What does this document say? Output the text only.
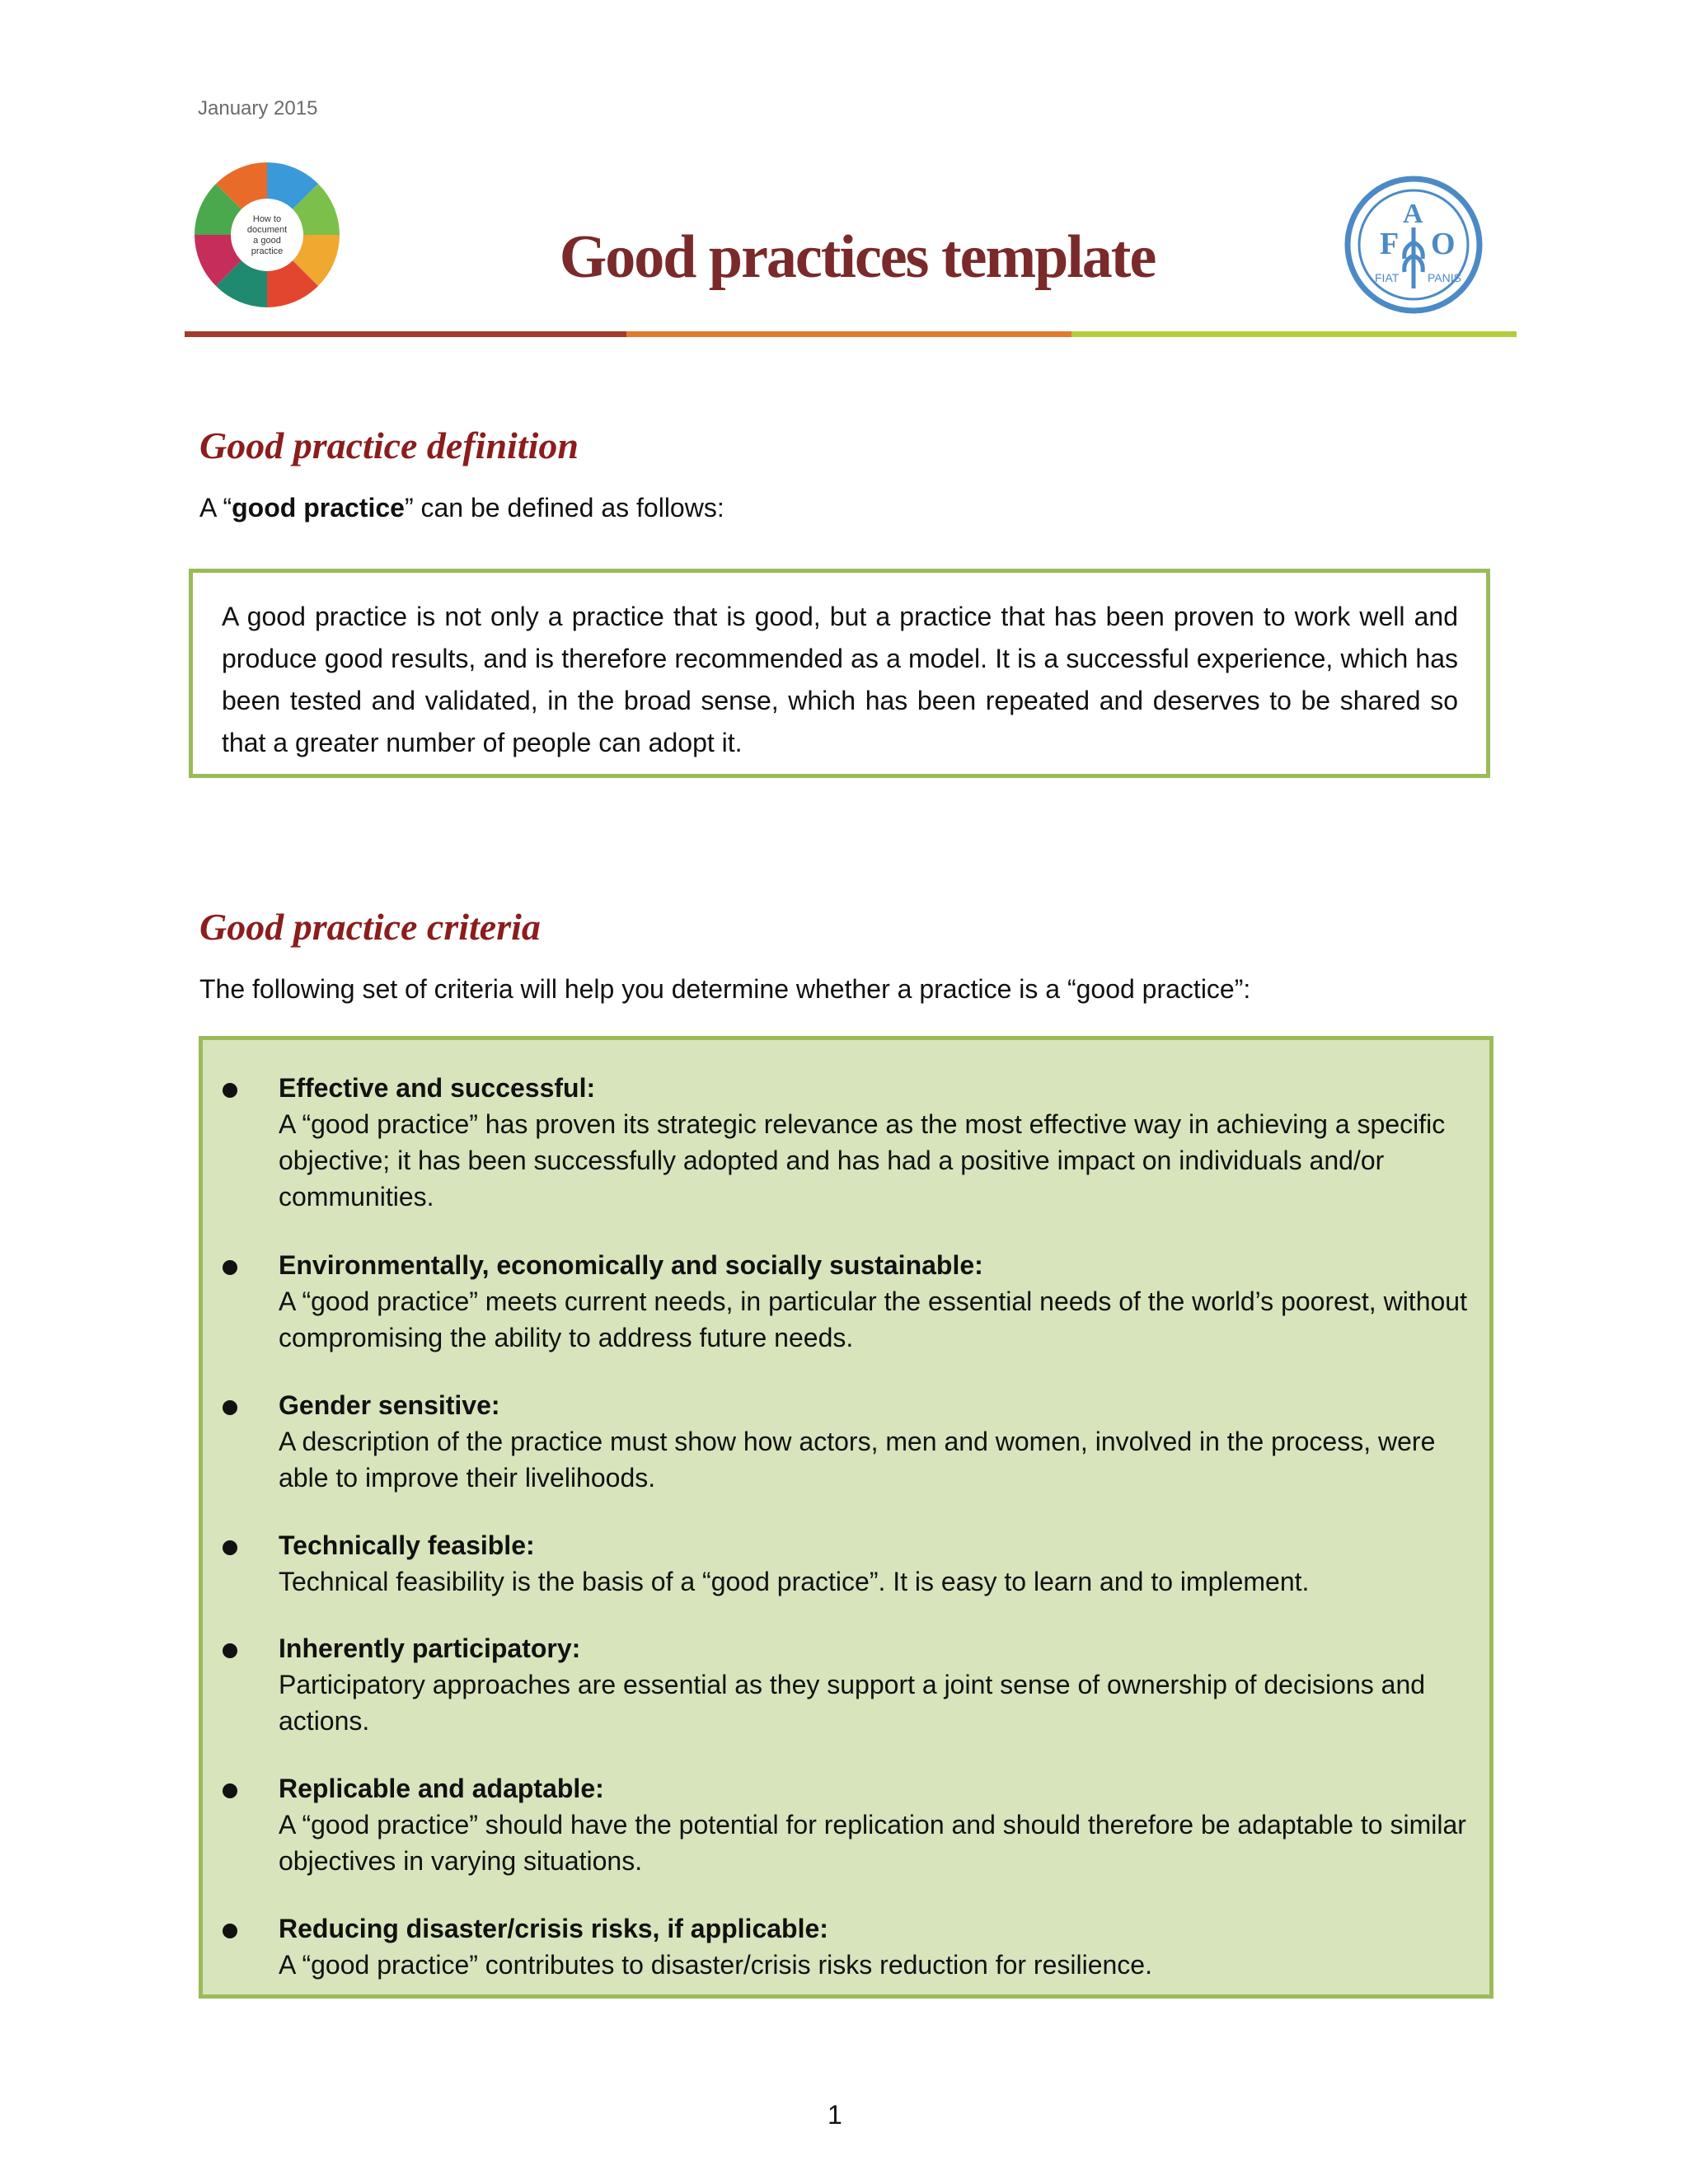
January 2015
How to
document
a good
practice	Good practices template	F
A
O
FIAT PANIS
Good practice definition
A “good practice” can be defined as follows:
A good practice is not only a practice that is good, but a practice that has been proven to work well and produce good results, and is therefore recommended as a model. It is a successful experience, which has been tested and validated, in the broad sense, which has been repeated and deserves to be shared so that a greater number of people can adopt it.
Good practice criteria
The following set of criteria will help you determine whether a practice is a “good practice”:
Effective and successful:
A “good practice” has proven its strategic relevance as the most effective way in achieving a specific objective; it has been successfully adopted and has had a positive impact on individuals and/or communities.
Environmentally, economically and socially sustainable:
A “good practice” meets current needs, in particular the essential needs of the world’s poorest, without compromising the ability to address future needs.
Gender sensitive:
A description of the practice must show how actors, men and women, involved in the process, were able to improve their livelihoods.
Technically feasible:
Technical feasibility is the basis of a “good practice”. It is easy to learn and to implement.
Inherently participatory:
Participatory approaches are essential as they support a joint sense of ownership of decisions and actions.
Replicable and adaptable:
A “good practice” should have the potential for replication and should therefore be adaptable to similar objectives in varying situations.
Reducing disaster/crisis risks, if applicable:
A “good practice” contributes to disaster/crisis risks reduction for resilience.
1
